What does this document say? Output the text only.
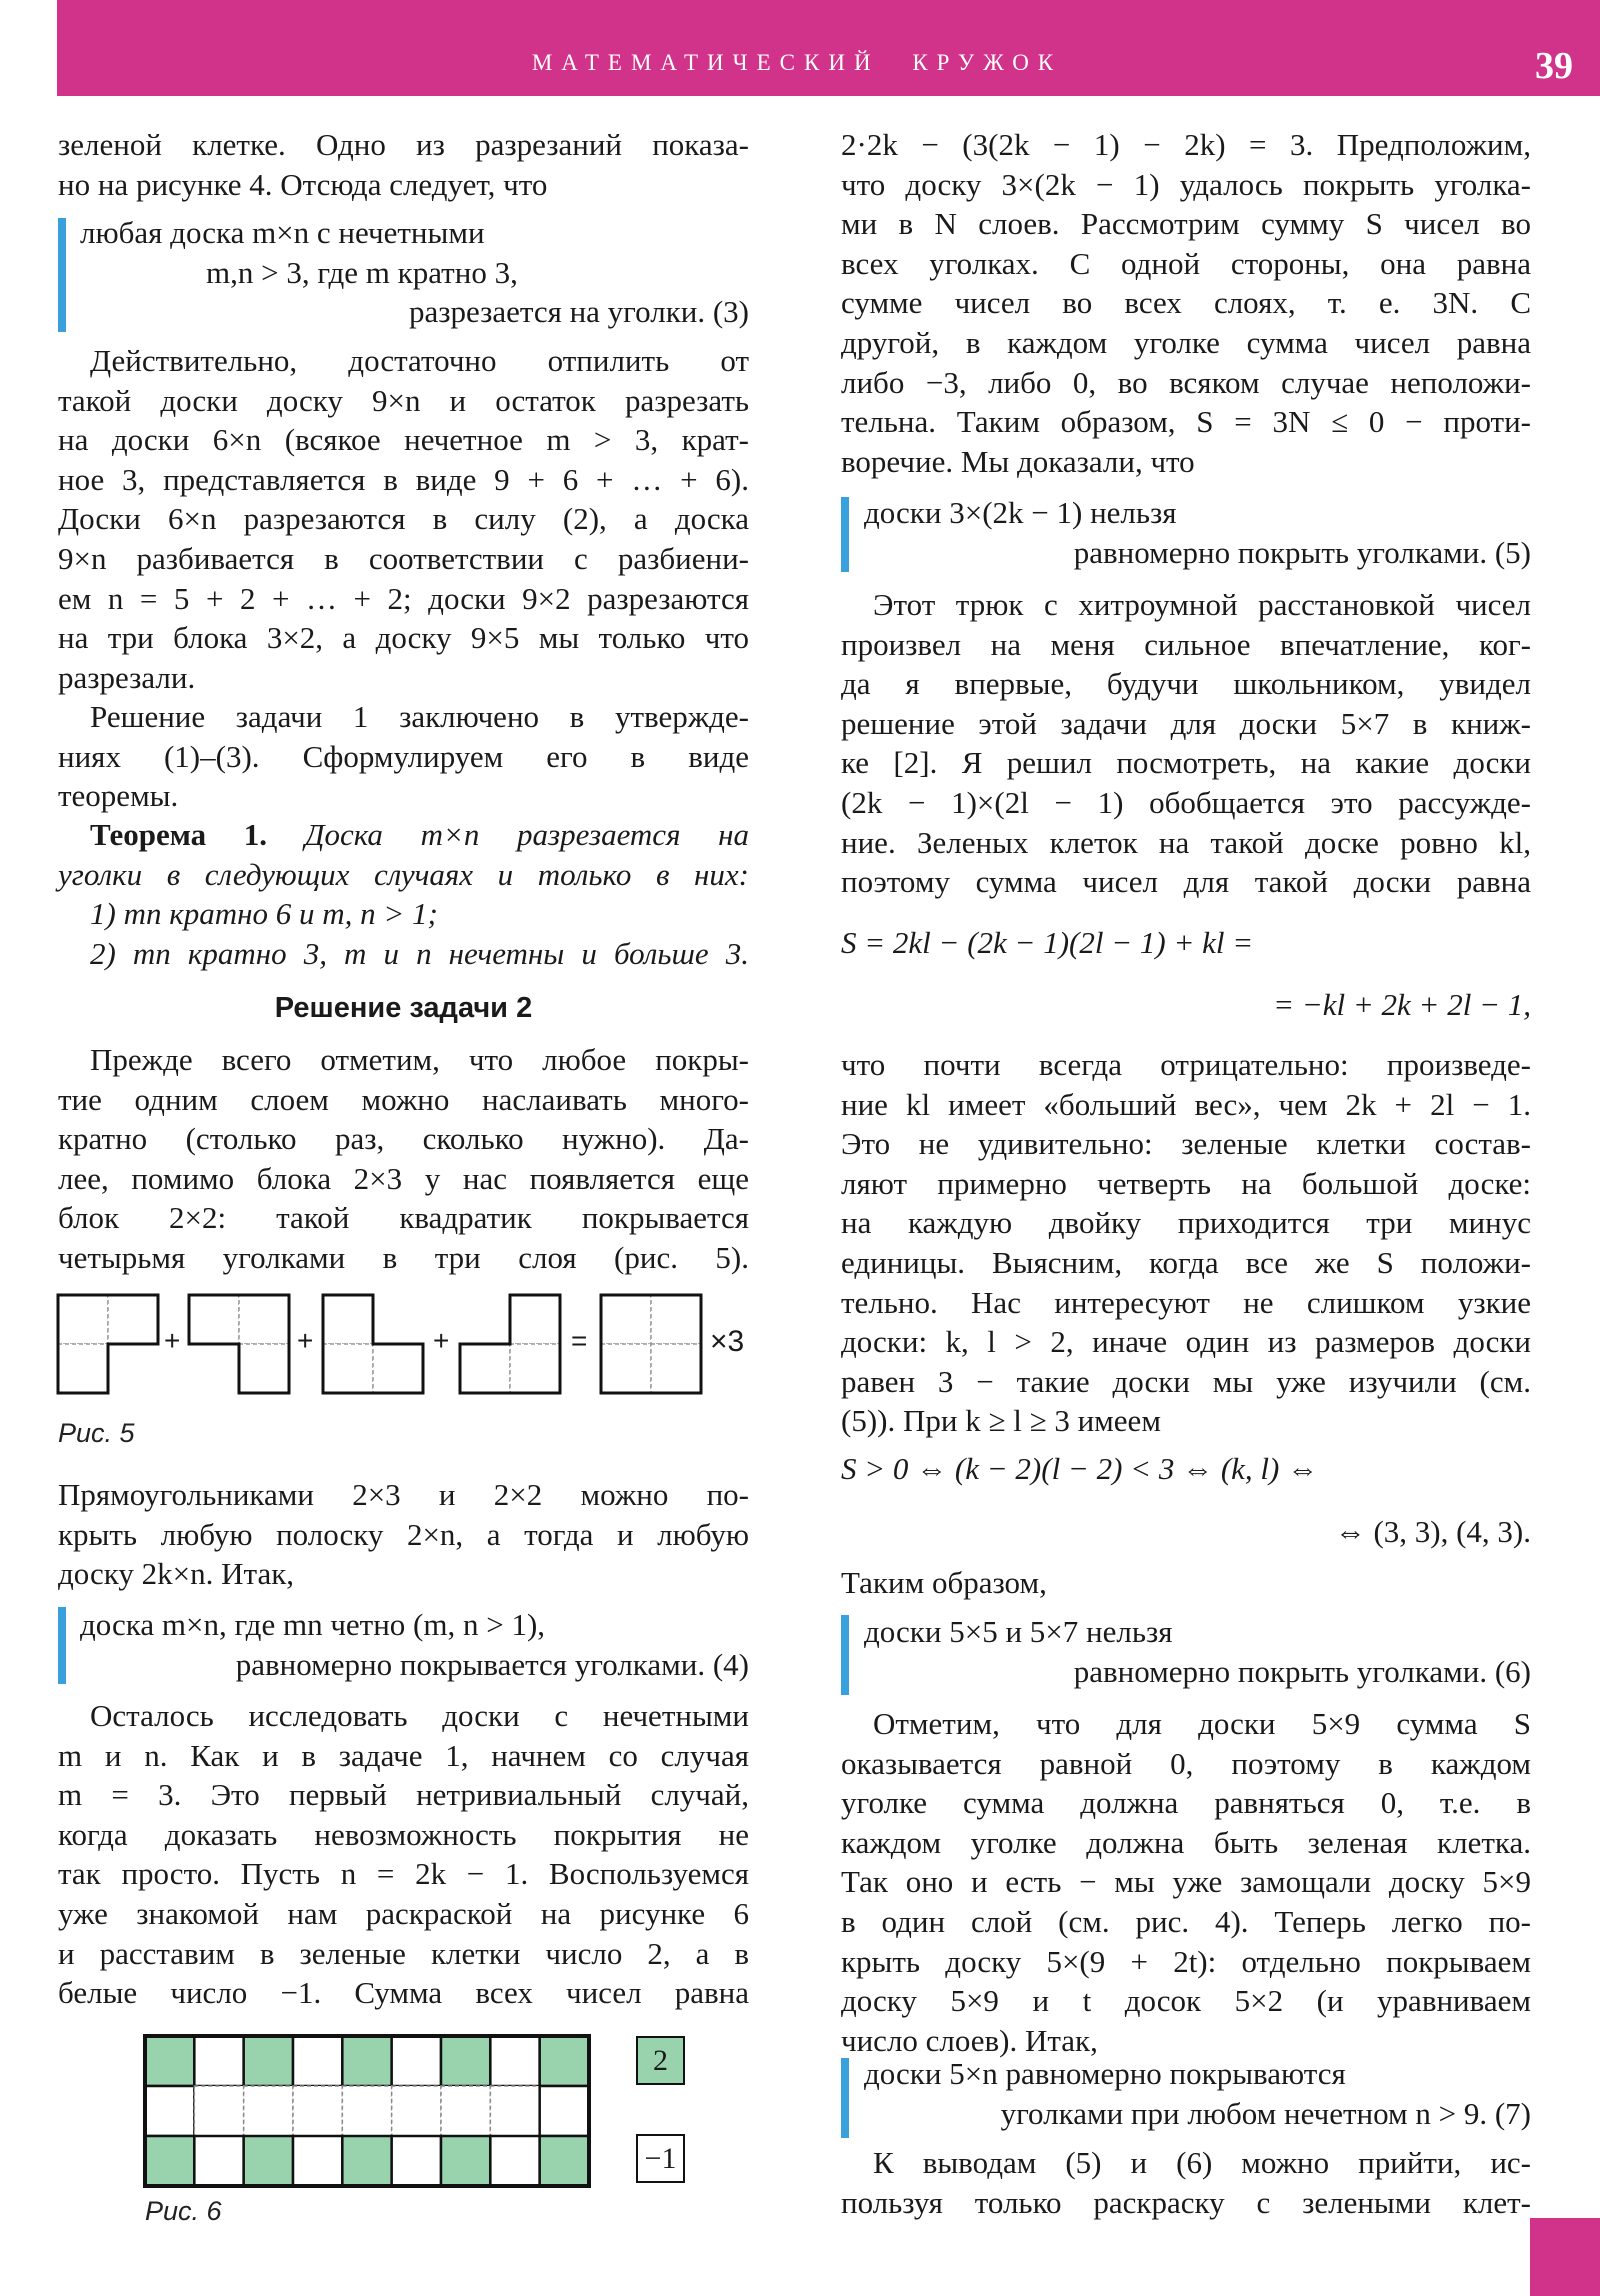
МАТЕМАТИЧЕСКИЙ КРУЖОК	39
зеленой клетке. Одно из разрезаний показа-
но на рисунке 4. Отсюда следует, что
любая доска m×n с нечетными
m,n > 3, где m кратно 3,
разрезается на уголки. (3)
Действительно, достаточно отпилить от
такой доски доску 9×n и остаток разрезать
на доски 6×n (всякое нечетное m > 3, крат-
ное 3, представляется в виде 9 + 6 + … + 6).
Доски 6×n разрезаются в силу (2), а доска
9×n разбивается в соответствии с разбиени-
ем n = 5 + 2 + … + 2; доски 9×2 разрезаются
на три блока 3×2, а доску 9×5 мы только что
разрезали.
Решение задачи 1 заключено в утвержде-
ниях (1)–(3). Сформулируем его в виде
теоремы.
Теорема 1. Доска m×n разрезается на
уголки в следующих случаях и только в них:
1) mn кратно 6 и m, n > 1;
2) mn кратно 3, m и n нечетны и больше 3.
Решение задачи 2
Прежде всего отметим, что любое покры-
тие одним слоем можно наслаивать много-
кратно (столько раз, сколько нужно). Да-
лее, помимо блока 2×3 у нас появляется еще
блок 2×2: такой квадратик покрывается
четырьмя уголками в три слоя (рис. 5).
+	+	+	=	×3
Рис. 5
Прямоугольниками 2×3 и 2×2 можно по-
крыть любую полоску 2×n, а тогда и любую
доску 2k×n. Итак,
доска m×n, где mn четно (m, n > 1),
равномерно покрывается уголками. (4)
Осталось исследовать доски с нечетными
m и n. Как и в задаче 1, начнем со случая
m = 3. Это первый нетривиальный случай,
когда доказать невозможность покрытия не
так просто. Пусть n = 2k − 1. Воспользуемся
уже знакомой нам раскраской на рисунке 6
и расставим в зеленые клетки число 2, а в
белые число −1. Сумма всех чисел равна
2
−1
Рис. 6
2·2k − (3(2k − 1) − 2k) = 3. Предположим,
что доску 3×(2k − 1) удалось покрыть уголка-
ми в N слоев. Рассмотрим сумму S чисел во
всех уголках. С одной стороны, она равна
сумме чисел во всех слоях, т. е. 3N. С
другой, в каждом уголке сумма чисел равна
либо −3, либо 0, во всяком случае неположи-
тельна. Таким образом, S = 3N ≤ 0 − проти-
воречие. Мы доказали, что
доски 3×(2k − 1) нельзя
равномерно покрыть уголками. (5)
Этот трюк с хитроумной расстановкой чисел
произвел на меня сильное впечатление, ког-
да я впервые, будучи школьником, увидел
решение этой задачи для доски 5×7 в книж-
ке [2]. Я решил посмотреть, на какие доски
(2k − 1)×(2l − 1) обобщается это рассужде-
ние. Зеленых клеток на такой доске ровно kl,
поэтому сумма чисел для такой доски равна
S = 2kl − (2k − 1)(2l − 1) + kl =
= −kl + 2k + 2l − 1,
что почти всегда отрицательно: произведе-
ние kl имеет «больший вес», чем 2k + 2l − 1.
Это не удивительно: зеленые клетки состав-
ляют примерно четверть на большой доске:
на каждую двойку приходится три минус
единицы. Выясним, когда все же S положи-
тельно. Нас интересуют не слишком узкие
доски: k, l > 2, иначе один из размеров доски
равен 3 − такие доски мы уже изучили (см.
(5)). При k ≥ l ≥ 3 имеем
S > 0 ⇔ (k − 2)(l − 2) < 3 ⇔ (k, l) ⇔
⇔ (3, 3), (4, 3).
Таким образом,
доски 5×5 и 5×7 нельзя
равномерно покрыть уголками. (6)
Отметим, что для доски 5×9 сумма S
оказывается равной 0, поэтому в каждом
уголке сумма должна равняться 0, т.е. в
каждом уголке должна быть зеленая клетка.
Так оно и есть − мы уже замощали доску 5×9
в один слой (см. рис. 4). Теперь легко по-
крыть доску 5×(9 + 2t): отдельно покрываем
доску 5×9 и t досок 5×2 (и уравниваем
число слоев). Итак,
доски 5×n равномерно покрываются
уголками при любом нечетном n > 9. (7)
К выводам (5) и (6) можно прийти, ис-
пользуя только раскраску с зелеными клет-
